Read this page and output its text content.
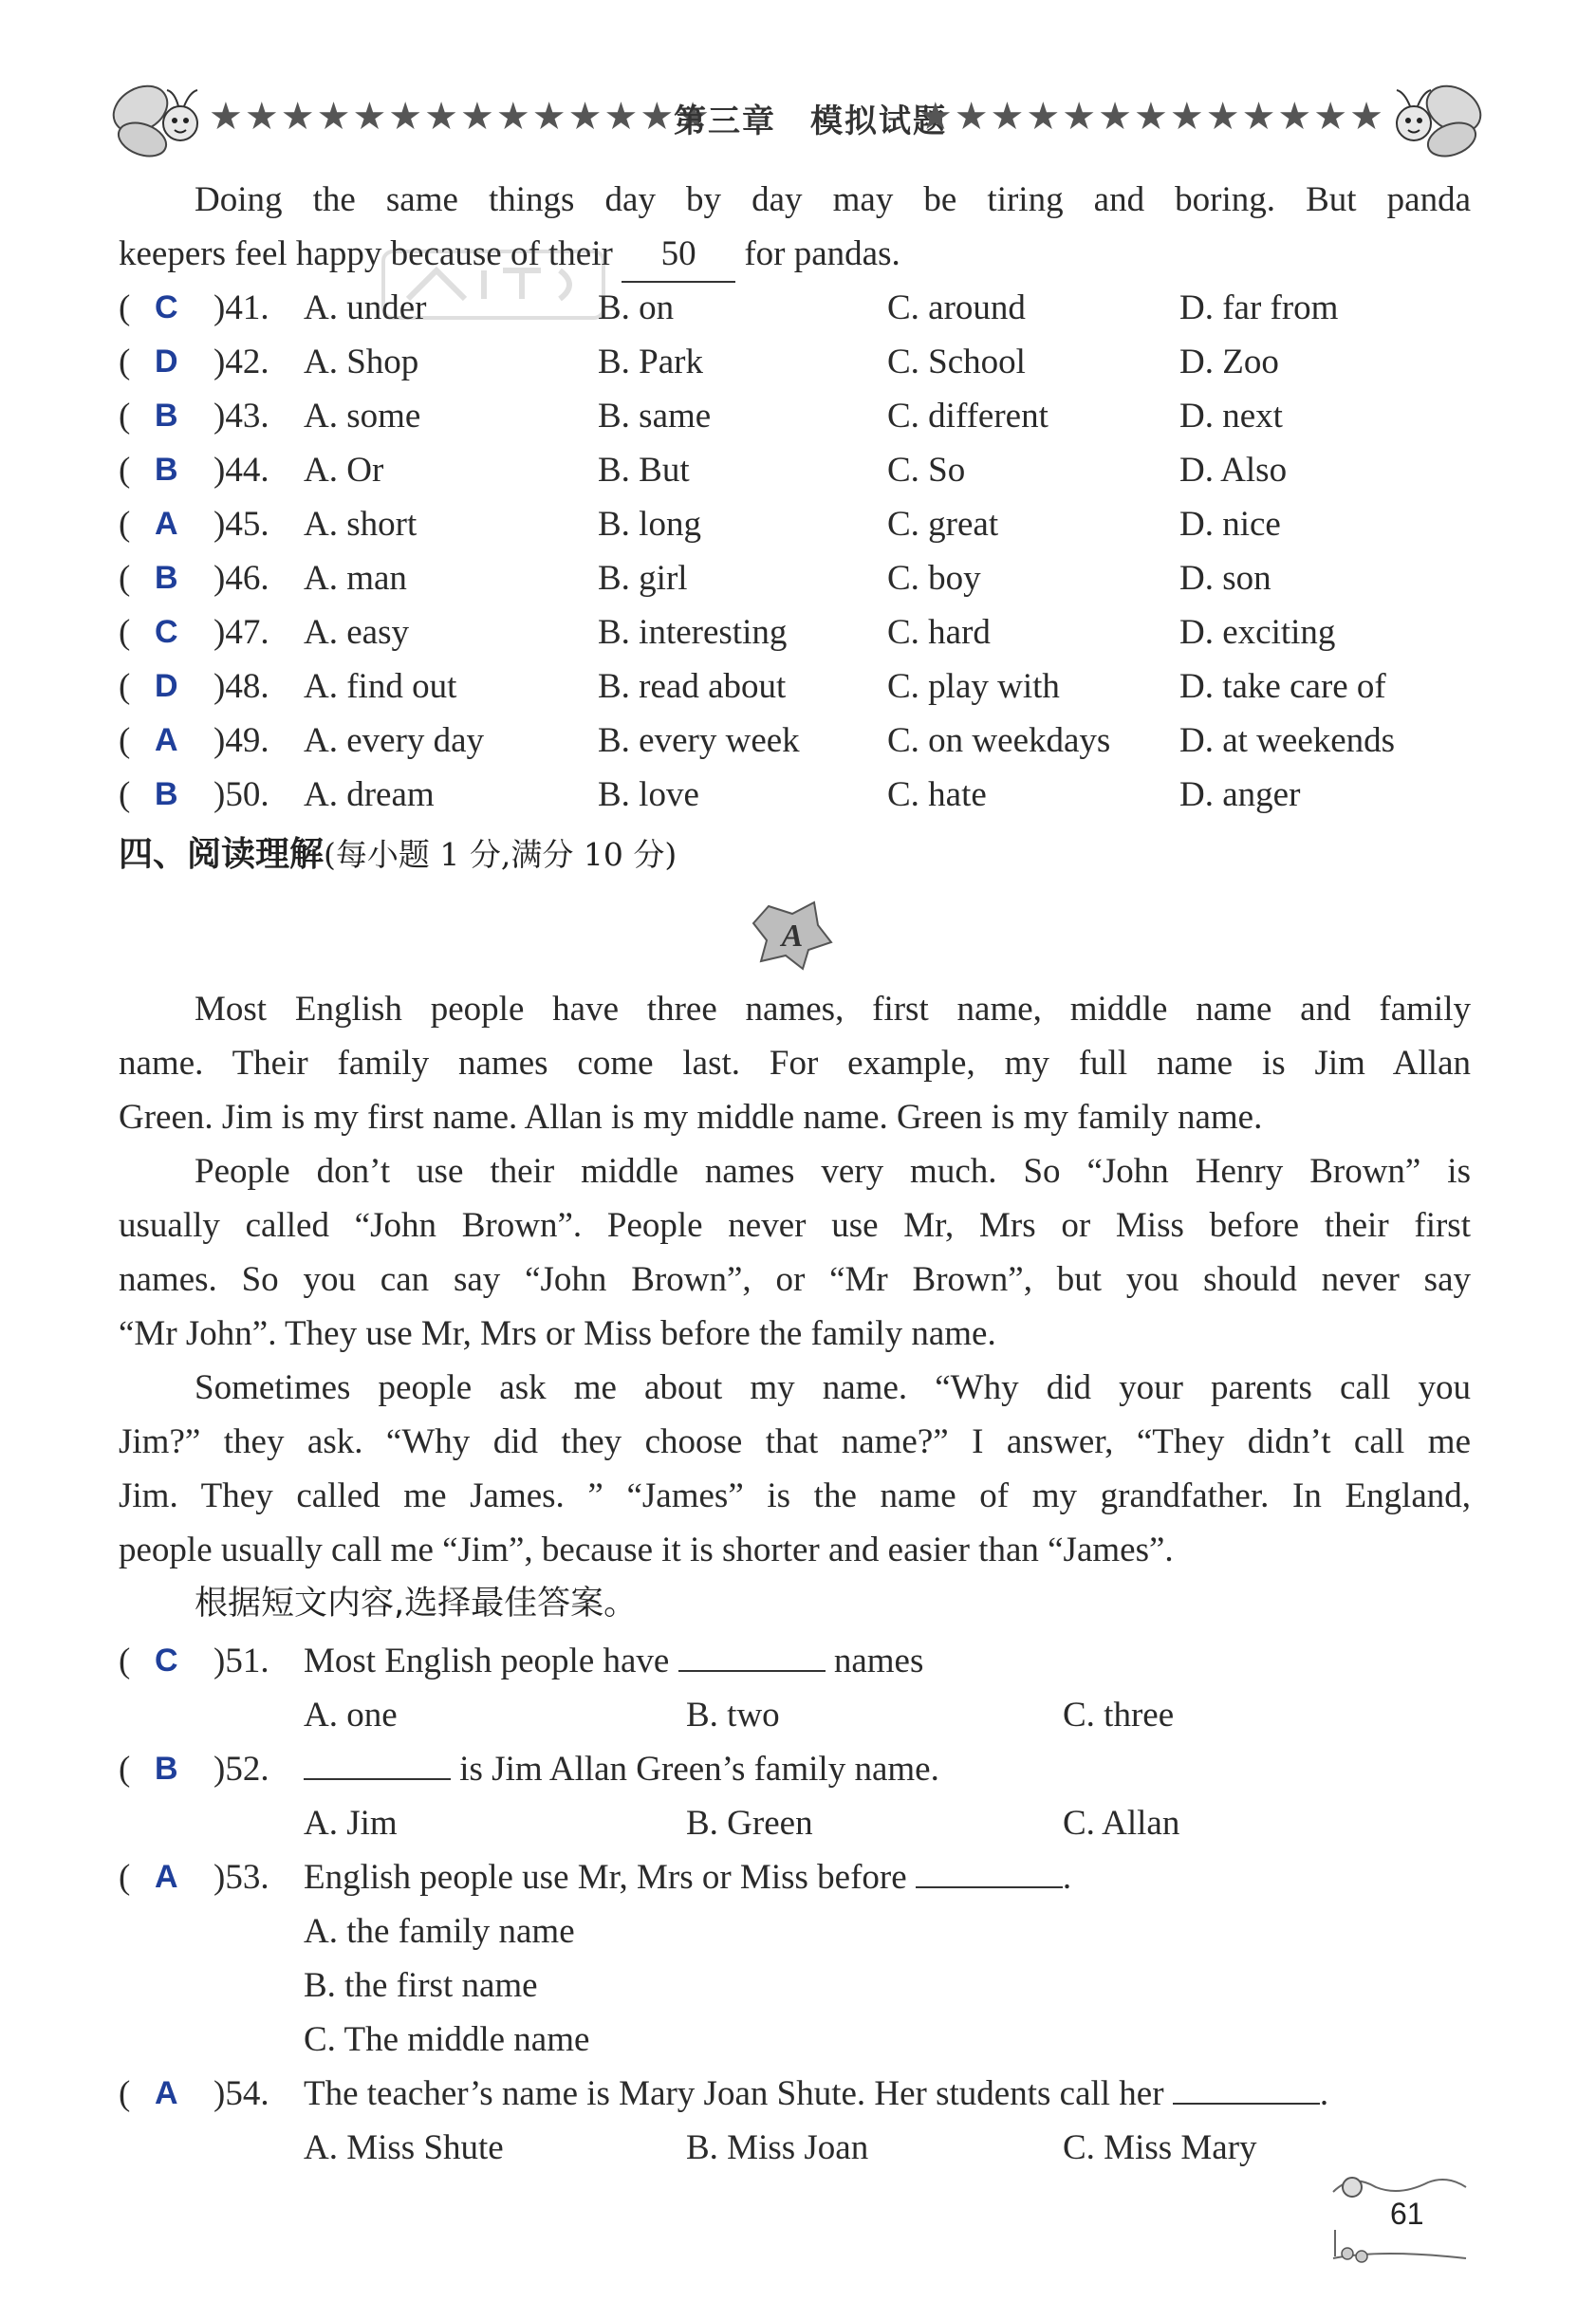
★★★★★★★★★★★★★★
第三章　模拟试题
★★★★★★★★★★★★★
Doing the same things day by day may be tiring and boring. But panda
keepers feel happy because of their 50 for pandas.
( C )41. A. under	B. on	C. around	D. far from
( D )42. A. Shop	B. Park	C. School	D. Zoo
( B )43. A. some	B. same	C. different	D. next
( B )44. A. Or	B. But	C. So	D. Also
( A )45. A. short	B. long	C. great	D. nice
( B )46. A. man	B. girl	C. boy	D. son
( C )47. A. easy	B. interesting	C. hard	D. exciting
( D )48. A. find out	B. read about	C. play with	D. take care of
( A )49. A. every day	B. every week C. on weekdays D. at weekends
( B )50. A. dream	B. love	C. hate	D. anger
四、阅读理解(每小题 1 分,满分 10 分)
A
Most English people have three names, first name, middle name and family
name. Their family names come last. For example, my full name is Jim Allan
Green. Jim is my first name. Allan is my middle name. Green is my family name.
People don’t use their middle names very much. So “John Henry Brown” is
usually called “John Brown”. People never use Mr, Mrs or Miss before their first
names. So you can say “John Brown”, or “Mr Brown”, but you should never say
“Mr John”. They use Mr, Mrs or Miss before the family name.
Sometimes people ask me about my name. “Why did your parents call you
Jim?” they ask. “Why did they choose that name?” I answer, “They didn’t call me
Jim. They called me James. ” “James” is the name of my grandfather. In England,
people usually call me “Jim”, because it is shorter and easier than “James”.
根据短文内容,选择最佳答案。
( C )51. Most English people have	names
A. one	B. two	C. three
( B )52.	is Jim Allan Green’s family name.
A. Jim	B. Green	C. Allan
( A )53. English people use Mr, Mrs or Miss before	.
A. the family name
B. the first name
C. The middle name
( A )54. The teacher’s name is Mary Joan Shute. Her students call her	.
A. Miss Shute	B. Miss Joan	C. Miss Mary
61
